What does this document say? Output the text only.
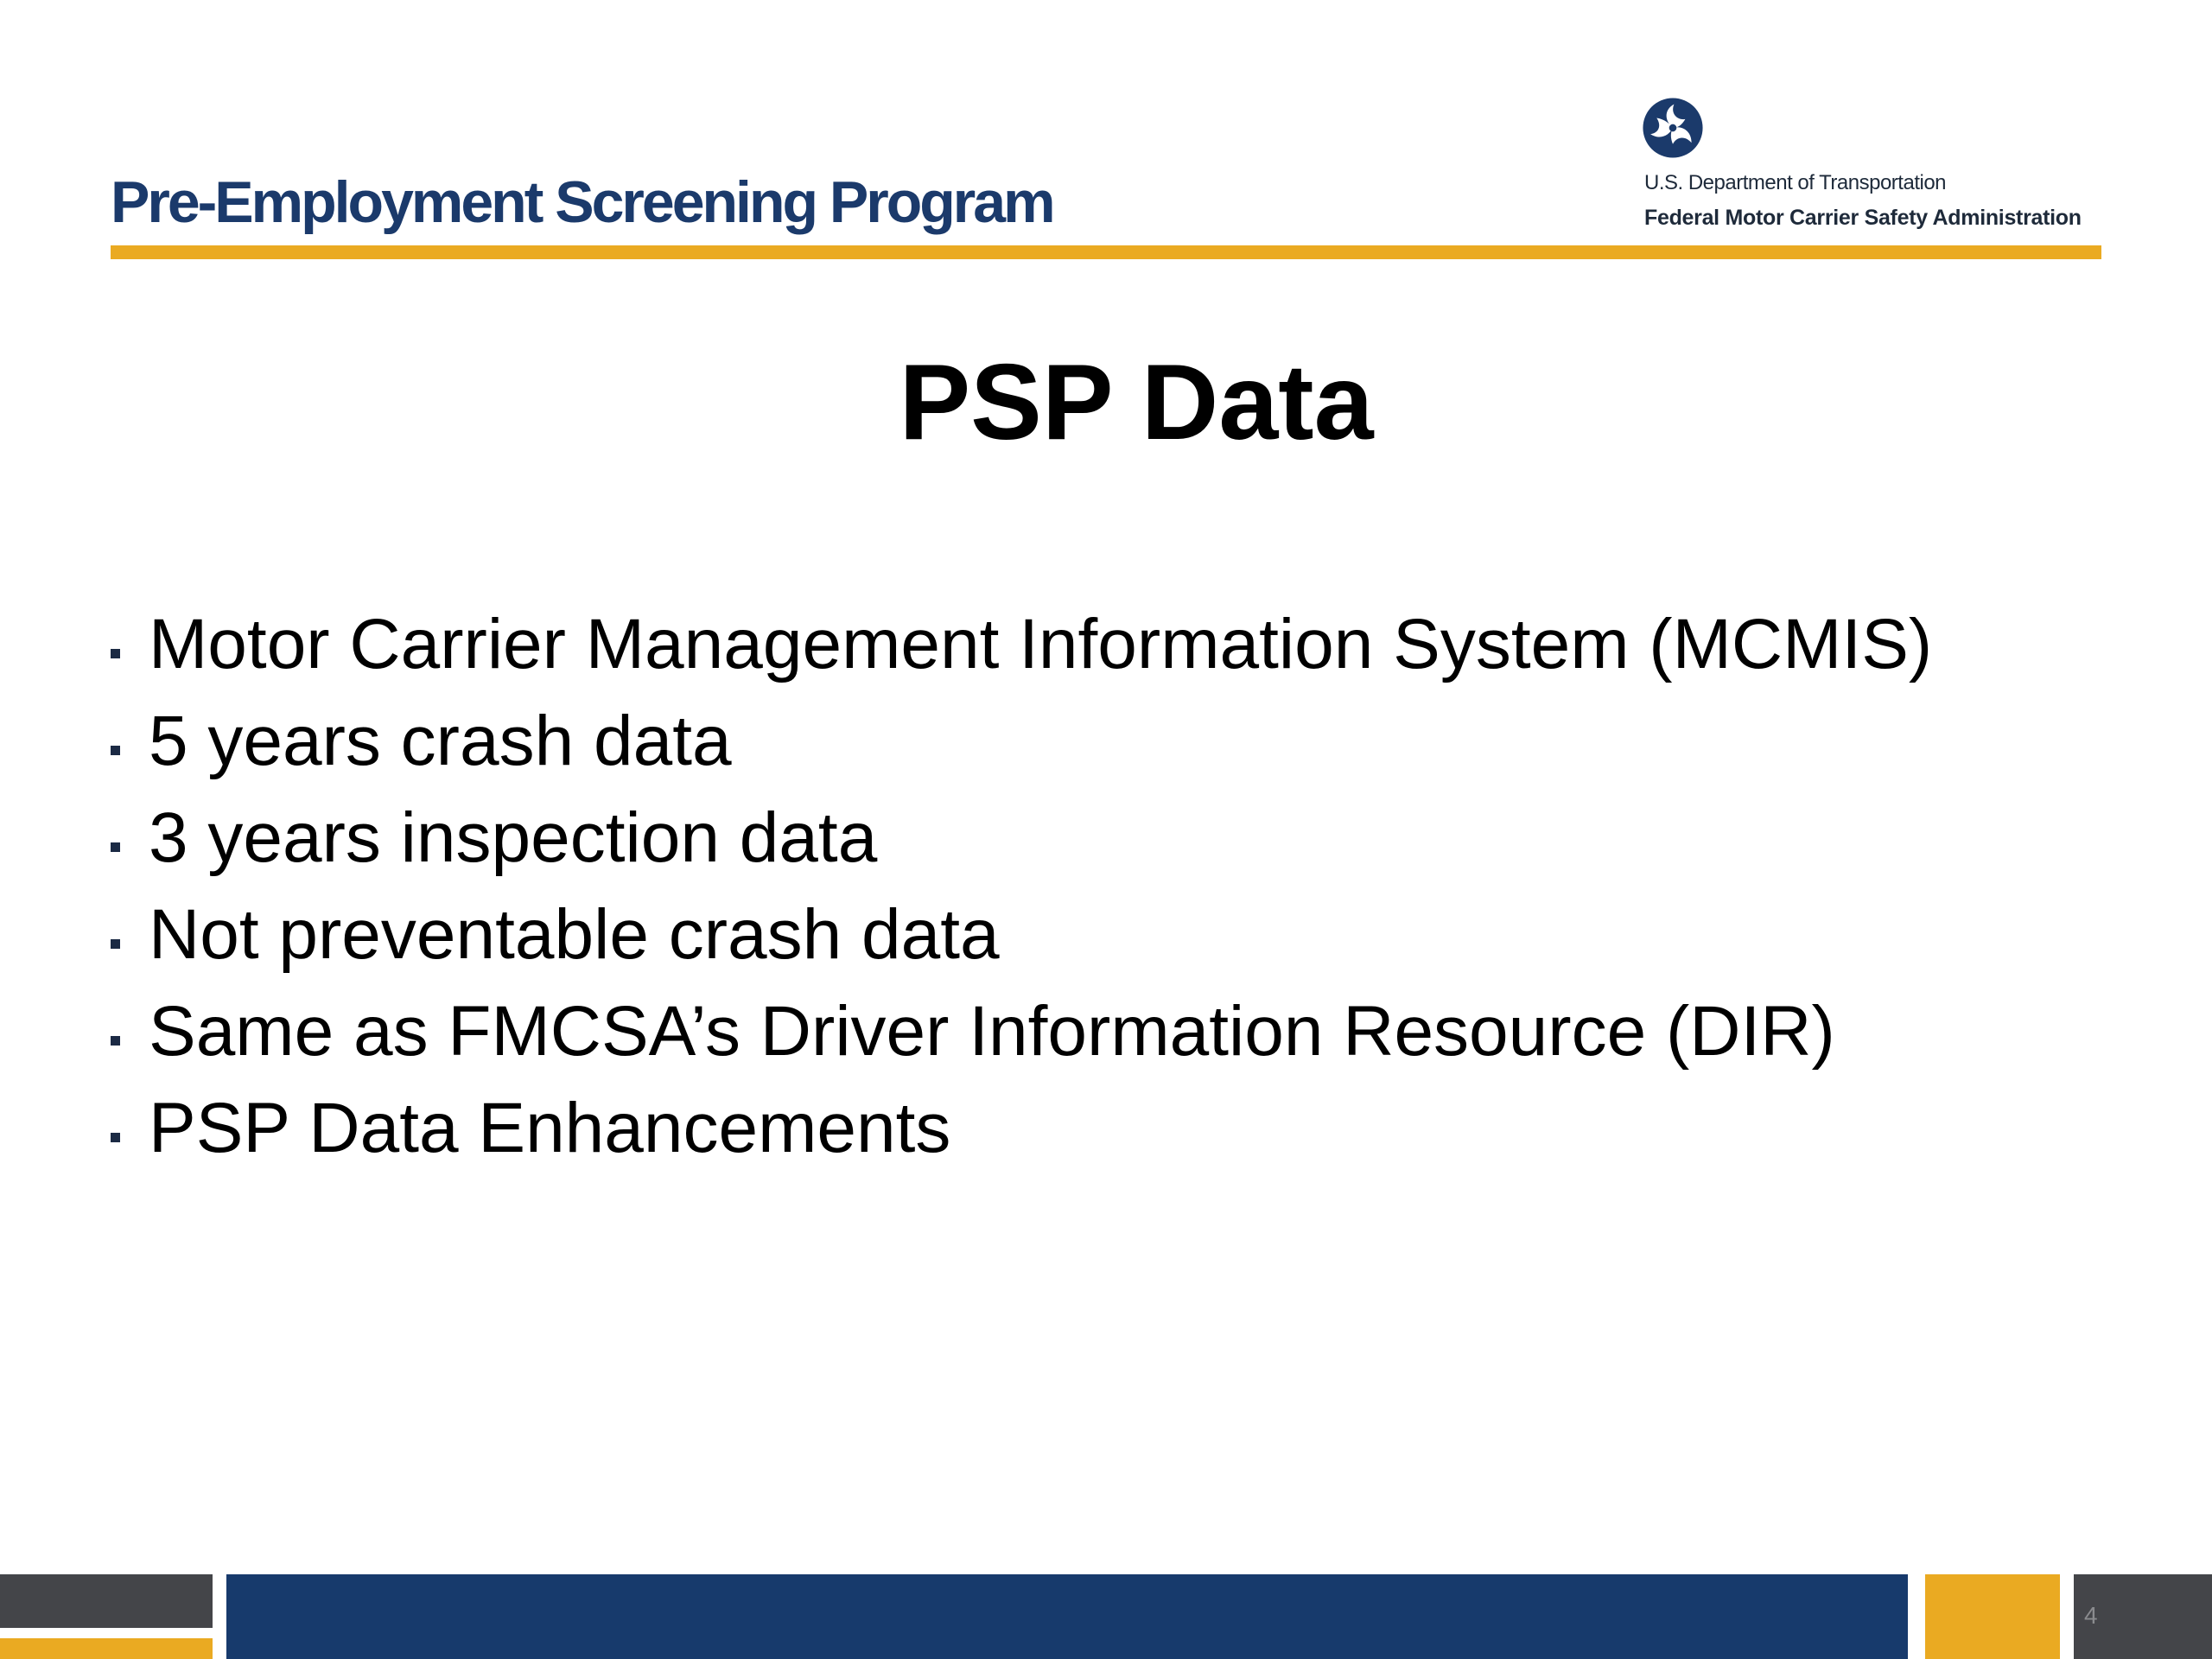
Pre-Employment Screening Program	U.S. Department of Transportation
Federal Motor Carrier Safety Administration
PSP Data
Motor Carrier Management Information System (MCMIS)
5 years crash data
3 years inspection data
Not preventable crash data
Same as FMCSA’s Driver Information Resource (DIR)
PSP Data Enhancements
4
